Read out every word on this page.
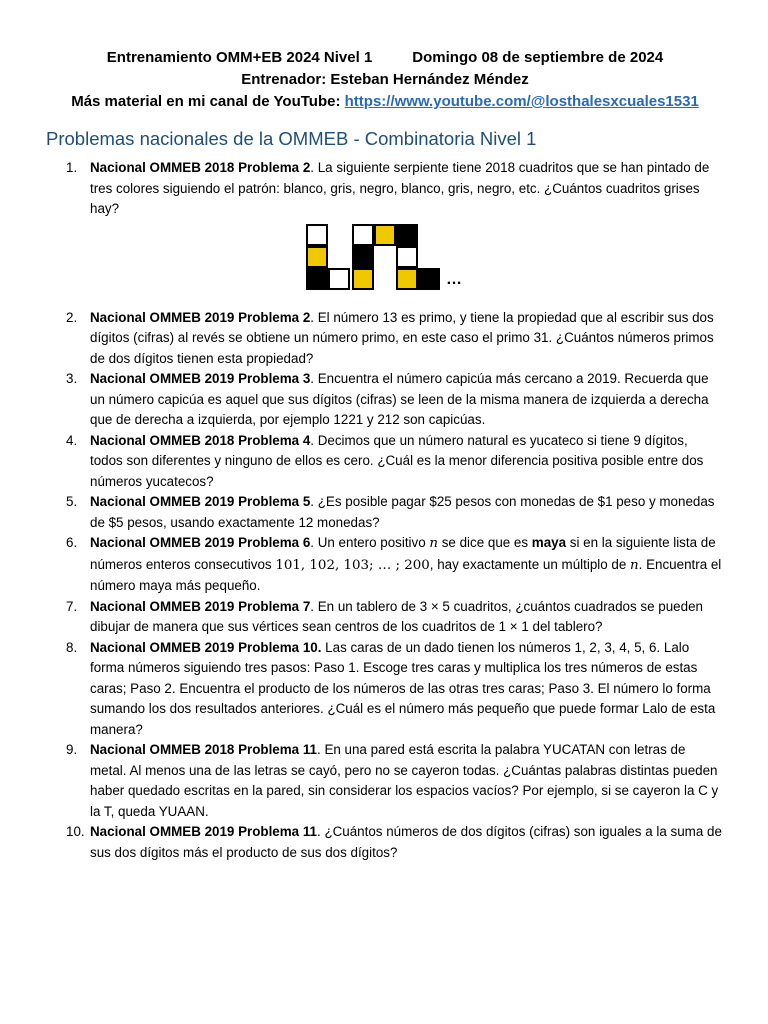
Entrenamiento OMM+EB 2024 Nivel 1	Domingo 08 de septiembre de 2024
Entrenador: Esteban Hernández Méndez
Más material en mi canal de YouTube: https://www.youtube.com/@losthalesxcuales1531
Problemas nacionales de la OMMEB - Combinatoria Nivel 1
1. Nacional OMMEB 2018 Problema 2. La siguiente serpiente tiene 2018 cuadritos que se han pintado de tres colores siguiendo el patrón: blanco, gris, negro, blanco, gris, negro, etc. ¿Cuántos cuadritos grises hay?
…
2. Nacional OMMEB 2019 Problema 2. El número 13 es primo, y tiene la propiedad que al escribir sus dos dígitos (cifras) al revés se obtiene un número primo, en este caso el primo 31. ¿Cuántos números primos de dos dígitos tienen esta propiedad?
3. Nacional OMMEB 2019 Problema 3. Encuentra el número capicúa más cercano a 2019. Recuerda que un número capicúa es aquel que sus dígitos (cifras) se leen de la misma manera de izquierda a derecha que de derecha a izquierda, por ejemplo 1221 y 212 son capicúas.
4. Nacional OMMEB 2018 Problema 4. Decimos que un número natural es yucateco si tiene 9 dígitos, todos son diferentes y ninguno de ellos es cero. ¿Cuál es la menor diferencia positiva posible entre dos números yucatecos?
5. Nacional OMMEB 2019 Problema 5. ¿Es posible pagar $25 pesos con monedas de $1 peso y monedas de $5 pesos, usando exactamente 12 monedas?
6. Nacional OMMEB 2019 Problema 6. Un entero positivo n se dice que es maya si en la siguiente lista de números enteros consecutivos 101, 102, 103; … ; 200, hay exactamente un múltiplo de n. Encuentra el número maya más pequeño.
7. Nacional OMMEB 2019 Problema 7. En un tablero de 3 × 5 cuadritos, ¿cuántos cuadrados se pueden dibujar de manera que sus vértices sean centros de los cuadritos de 1 × 1 del tablero?
8. Nacional OMMEB 2019 Problema 10. Las caras de un dado tienen los números 1, 2, 3, 4, 5, 6. Lalo forma números siguiendo tres pasos: Paso 1. Escoge tres caras y multiplica los tres números de estas caras; Paso 2. Encuentra el producto de los números de las otras tres caras; Paso 3. El número lo forma sumando los dos resultados anteriores. ¿Cuál es el número más pequeño que puede formar Lalo de esta manera?
9. Nacional OMMEB 2018 Problema 11. En una pared está escrita la palabra YUCATAN con letras de metal. Al menos una de las letras se cayó, pero no se cayeron todas. ¿Cuántas palabras distintas pueden haber quedado escritas en la pared, sin considerar los espacios vacíos? Por ejemplo, si se cayeron la C y la T, queda YUAAN.
10. Nacional OMMEB 2019 Problema 11. ¿Cuántos números de dos dígitos (cifras) son iguales a la suma de sus dos dígitos más el producto de sus dos dígitos?
